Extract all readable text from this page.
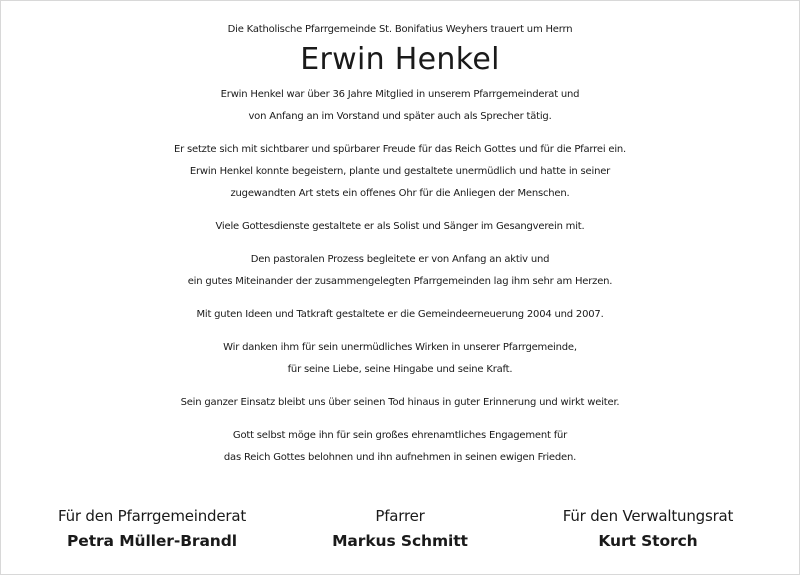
Die Katholische Pfarrgemeinde St. Bonifatius Weyhers trauert um Herrn

Erwin Henkel

Erwin Henkel war über 36 Jahre Mitglied in unserem Pfarrgemeinderat und
von Anfang an im Vorstand und später auch als Sprecher tätig.

Er setzte sich mit sichtbarer und spürbarer Freude für das Reich Gottes und für die Pfarrei ein.
Erwin Henkel konnte begeistern, plante und gestaltete unermüdlich und hatte in seiner
zugewandten Art stets ein offenes Ohr für die Anliegen der Menschen.

Viele Gottesdienste gestaltete er als Solist und Sänger im Gesangverein mit.

Den pastoralen Prozess begleitete er von Anfang an aktiv und
ein gutes Miteinander der zusammengelegten Pfarrgemeinden lag ihm sehr am Herzen.

Mit guten Ideen und Tatkraft gestaltete er die Gemeindeerneuerung 2004 und 2007.

Wir danken ihm für sein unermüdliches Wirken in unserer Pfarrgemeinde,
für seine Liebe, seine Hingabe und seine Kraft.

Sein ganzer Einsatz bleibt uns über seinen Tod hinaus in guter Erinnerung und wirkt weiter.

Gott selbst möge ihn für sein großes ehrenamtliches Engagement für
das Reich Gottes belohnen und ihn aufnehmen in seinen ewigen Frieden.

Für den Pfarrgemeinderat
Petra Müller-Brandl
Pfarrer
Markus Schmitt
Für den Verwaltungsrat
Kurt Storch
